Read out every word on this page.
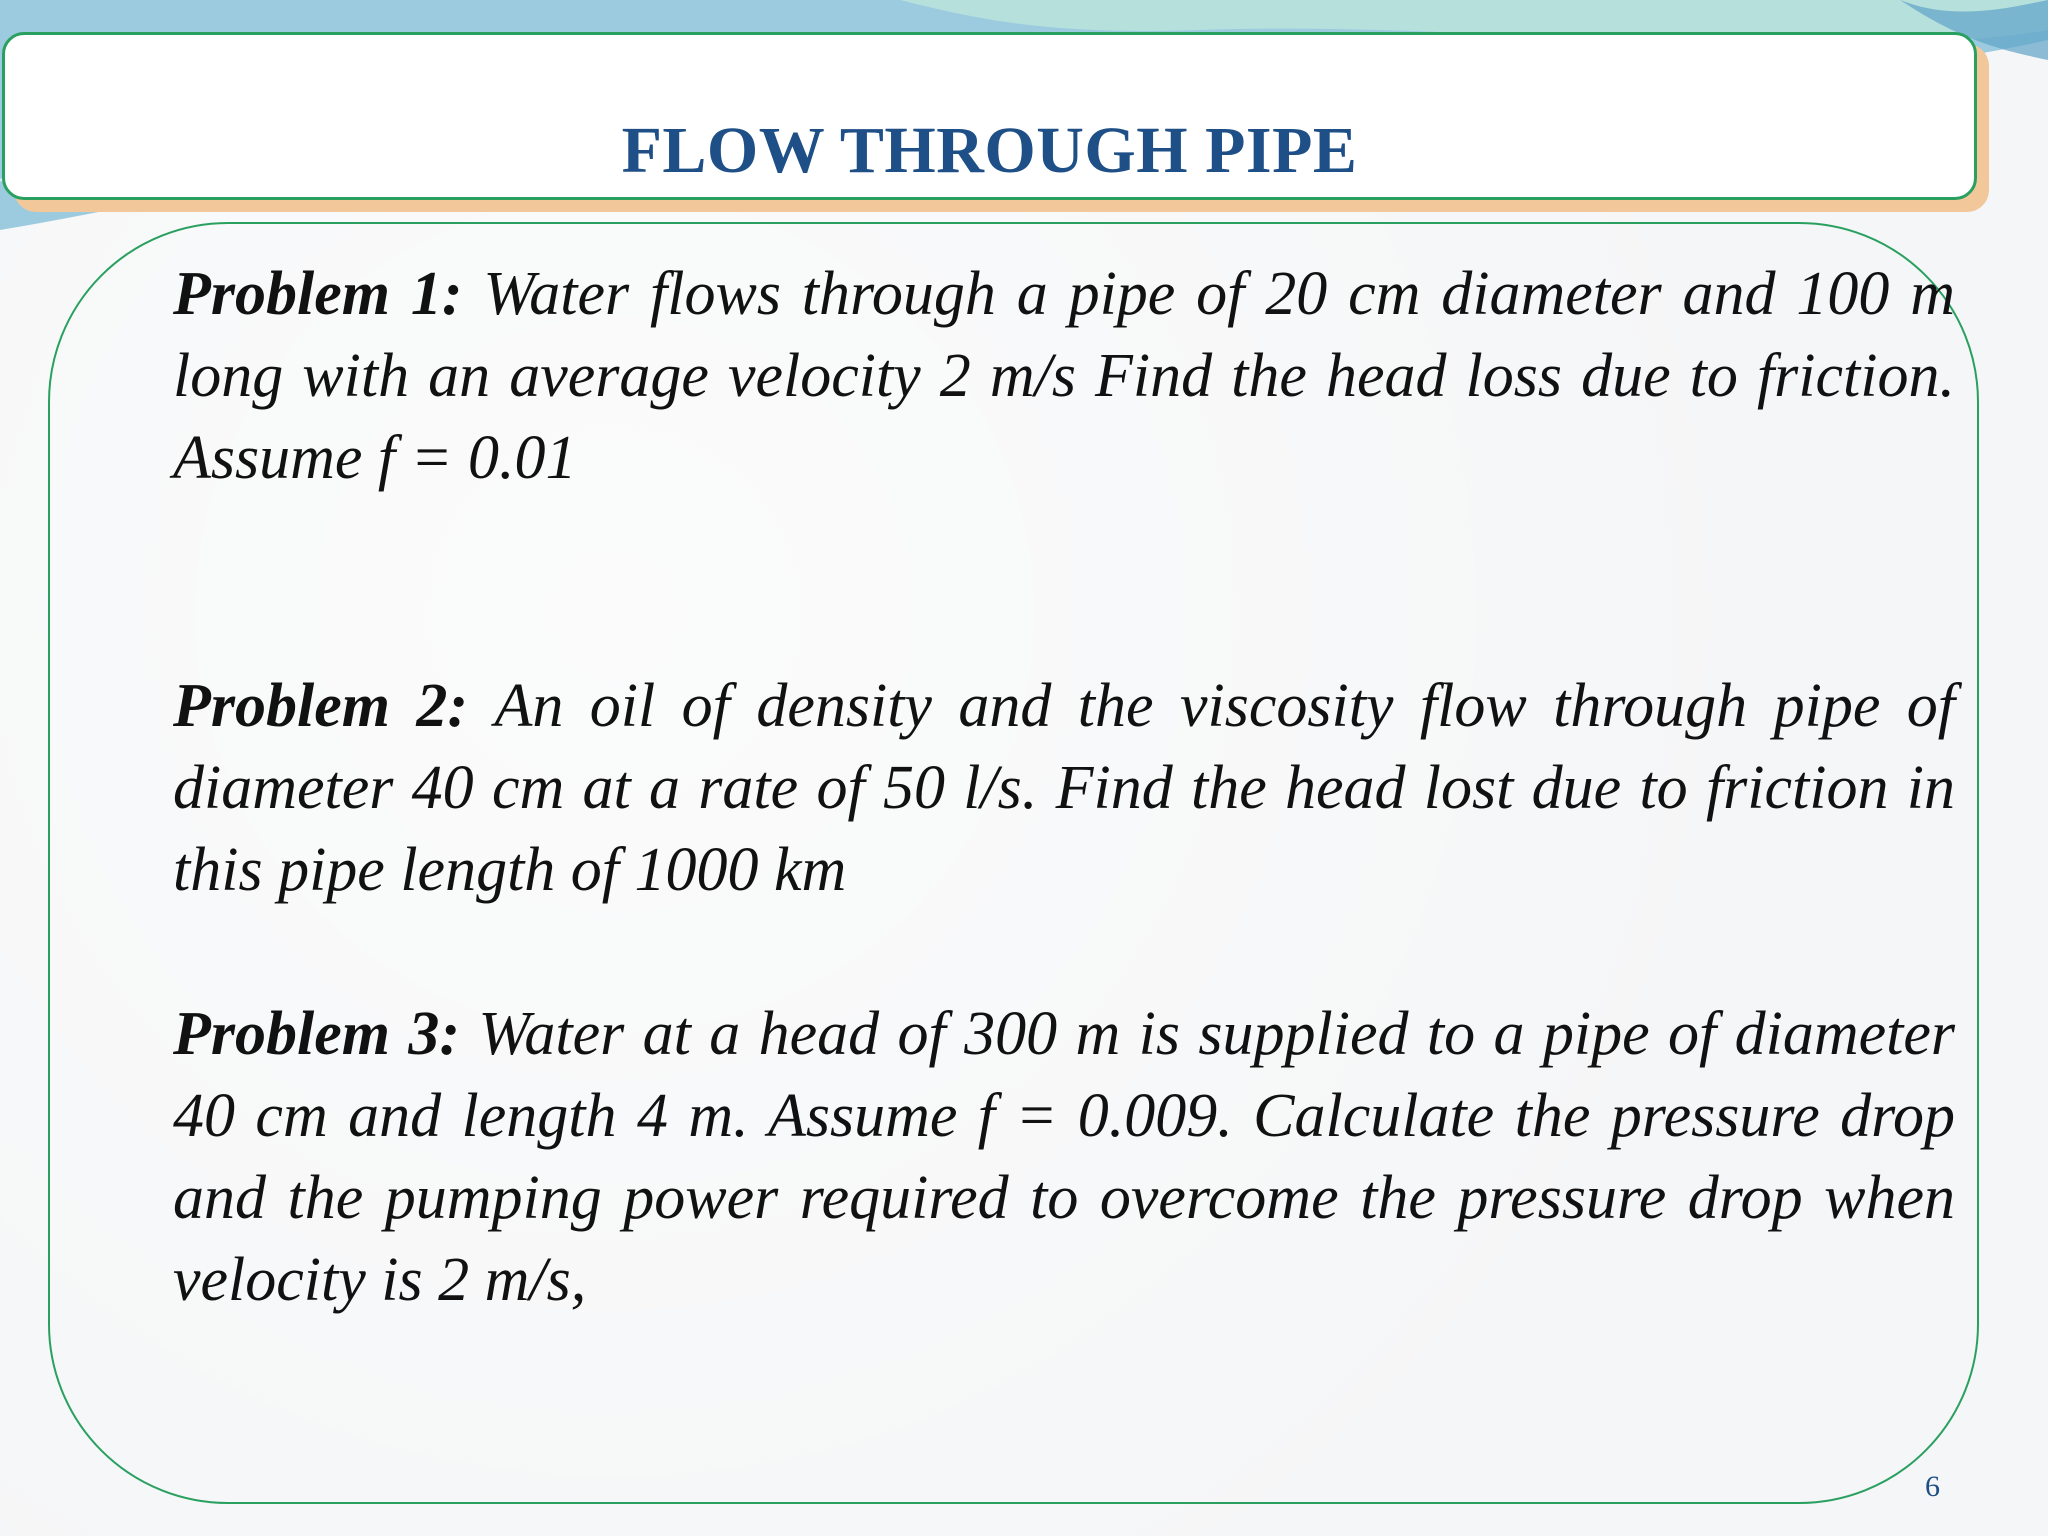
FLOW THROUGH PIPE
Problem 1: Water flows through a pipe of 20 cm diameter and 100 m long with an average velocity 2 m/s Find the head loss due to friction. Assume f = 0.01
Problem 2: An oil of density and the viscosity flow through pipe of diameter 40 cm at a rate of 50 l/s. Find the head lost due to friction in this pipe length of 1000 km
Problem 3: Water at a head of 300 m is supplied to a pipe of diameter 40 cm and length 4 m. Assume f = 0.009. Calculate the pressure drop and the pumping power required to overcome the pressure drop when velocity is 2 m/s,
6
